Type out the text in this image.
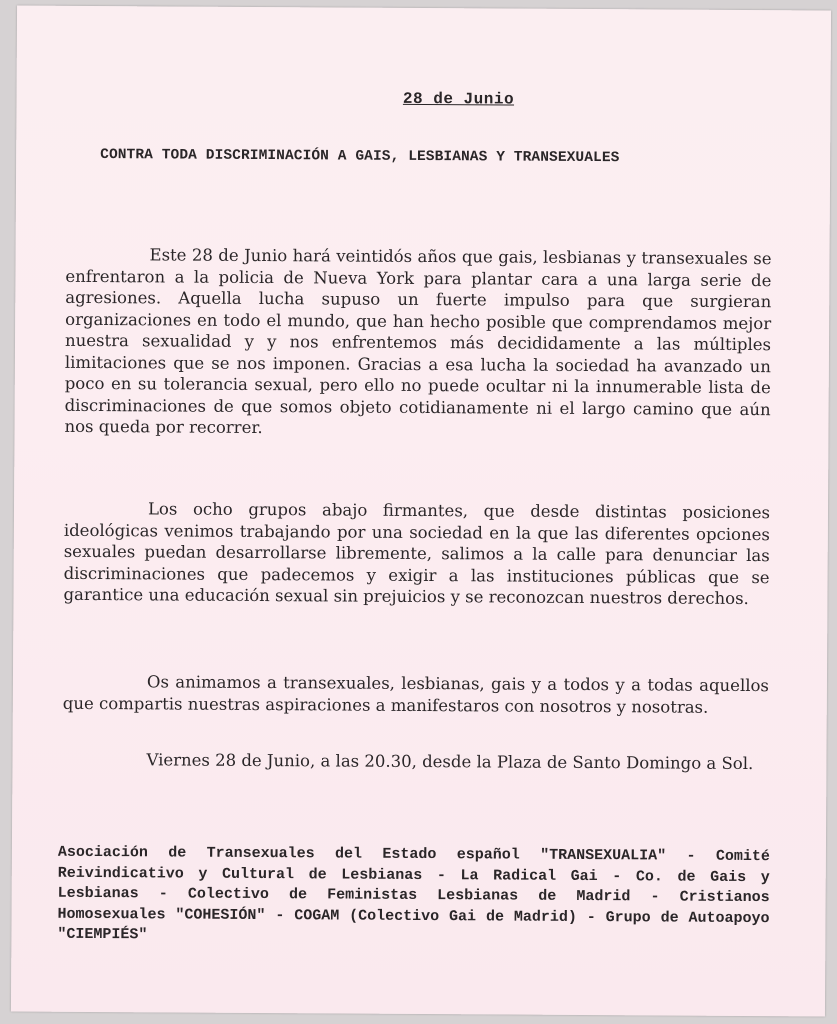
28 de Junio
CONTRA TODA DISCRIMINACIÓN A GAIS, LESBIANAS Y TRANSEXUALES

Este 28 de Junio hará veintidós años que gais, lesbianas y transexuales se enfrentaron a la policia de Nueva York para plantar cara a una larga serie de agresiones. Aquella lucha supuso un fuerte impulso para que surgieran organizaciones en todo el mundo, que han hecho posible que comprendamos mejor nuestra sexualidad y y nos enfrentemos más decididamente a las múltiples limitaciones que se nos imponen. Gracias a esa lucha la sociedad ha avanzado un poco en su tolerancia sexual, pero ello no puede ocultar ni la innumerable lista de discriminaciones de que somos objeto cotidianamente ni el largo camino que aún nos queda por recorrer.

Los ocho grupos abajo firmantes, que desde distintas posiciones ideológicas venimos trabajando por una sociedad en la que las diferentes opciones sexuales puedan desarrollarse libremente, salimos a la calle para denunciar las discriminaciones que padecemos y exigir a las instituciones públicas que se garantice una educación sexual sin prejuicios y se reconozcan nuestros derechos.

Os animamos a transexuales, lesbianas, gais y a todos y a todas aquellos que compartis nuestras aspiraciones a manifestaros con nosotros y nosotras.

Viernes 28 de Junio, a las 20.30, desde la Plaza de Santo Domingo a Sol.

Asociación de Transexuales del Estado español "TRANSEXUALIA" - Comité Reivindicativo y Cultural de Lesbianas - La Radical Gai - Co. de Gais y Lesbianas - Colectivo de Feministas Lesbianas de Madrid - Cristianos Homosexuales "COHESIÓN" - COGAM (Colectivo Gai de Madrid) - Grupo de Autoapoyo "CIEMPIÉS"
